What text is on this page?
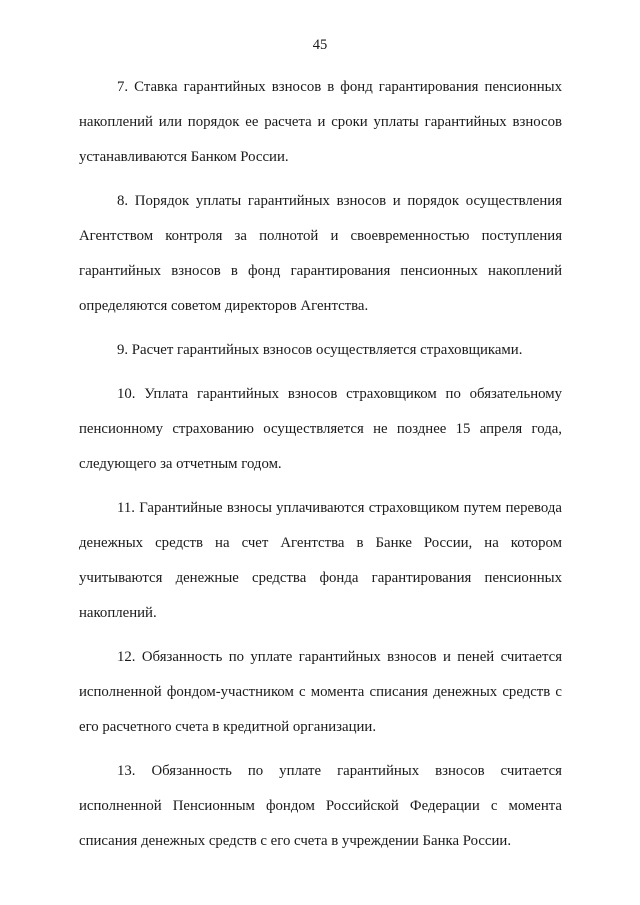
45

7. Ставка гарантийных взносов в фонд гарантирования пенсионных накоплений или порядок ее расчета и сроки уплаты гарантийных взносов устанавливаются Банком России.

8. Порядок уплаты гарантийных взносов и порядок осуществления Агентством контроля за полнотой и своевременностью поступления гарантийных взносов в фонд гарантирования пенсионных накоплений определяются советом директоров Агентства.

9. Расчет гарантийных взносов осуществляется страховщиками.

10. Уплата гарантийных взносов страховщиком по обязательному пенсионному страхованию осуществляется не позднее 15 апреля года, следующего за отчетным годом.

11. Гарантийные взносы уплачиваются страховщиком путем перевода денежных средств на счет Агентства в Банке России, на котором учитываются денежные средства фонда гарантирования пенсионных накоплений.

12. Обязанность по уплате гарантийных взносов и пеней считается исполненной фондом-участником с момента списания денежных средств с его расчетного счета в кредитной организации.

13. Обязанность по уплате гарантийных взносов считается исполненной Пенсионным фондом Российской Федерации с момента списания денежных средств с его счета в учреждении Банка России.
